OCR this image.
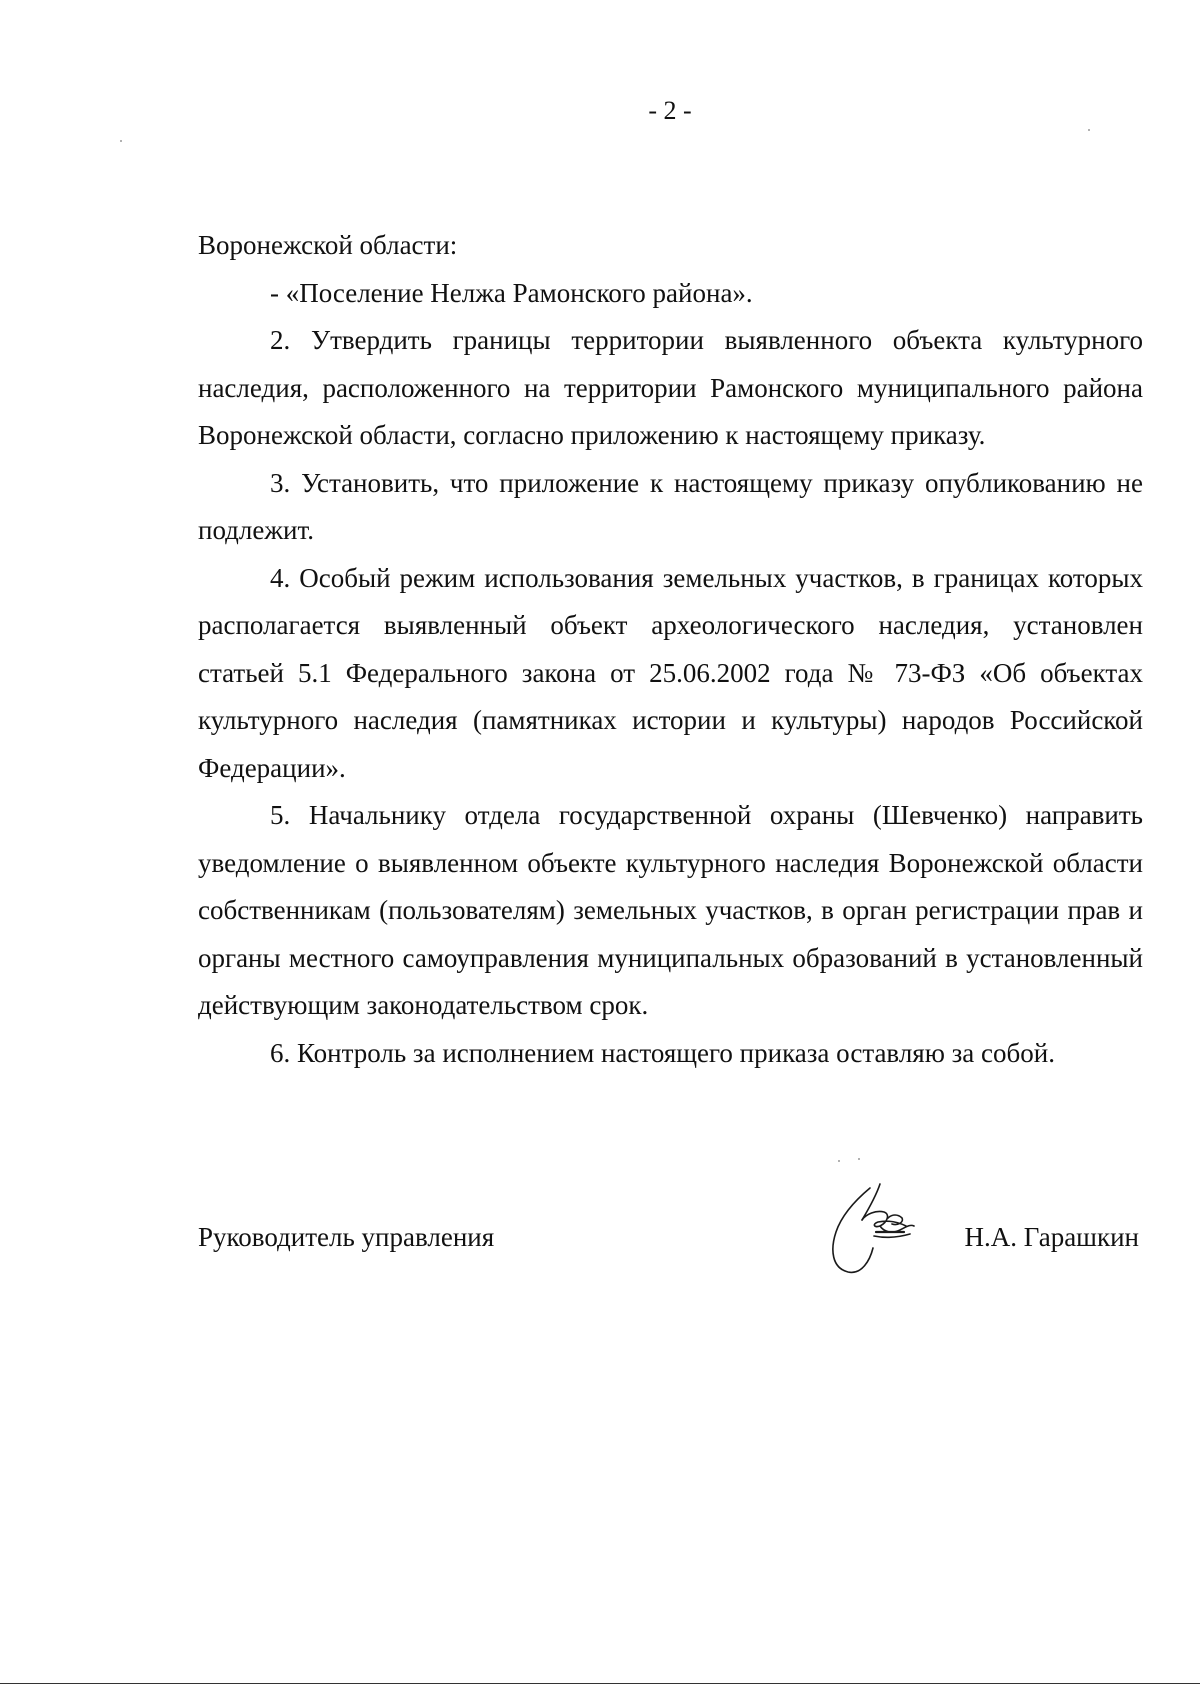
- 2 -

Воронежской области:

- «Поселение Нелжа Рамонского района».

2. Утвердить границы территории выявленного объекта культурного наследия, расположенного на территории Рамонского муниципального района Воронежской области, согласно приложению к настоящему приказу.

3. Установить, что приложение к настоящему приказу опубликованию не подлежит.

4. Особый режим использования земельных участков, в границах которых располагается выявленный объект археологического наследия, установлен статьей 5.1 Федерального закона от 25.06.2002 года № 73-ФЗ «Об объектах культурного наследия (памятниках истории и культуры) народов Российской Федерации».

5. Начальнику отдела государственной охраны (Шевченко) направить уведомление о выявленном объекте культурного наследия Воронежской области собственникам (пользователям) земельных участков, в орган регистрации прав и органы местного самоуправления муниципальных образований в установленный действующим законодательством срок.

6. Контроль за исполнением настоящего приказа оставляю за собой.

Руководитель управления	Н.А. Гарашкин
